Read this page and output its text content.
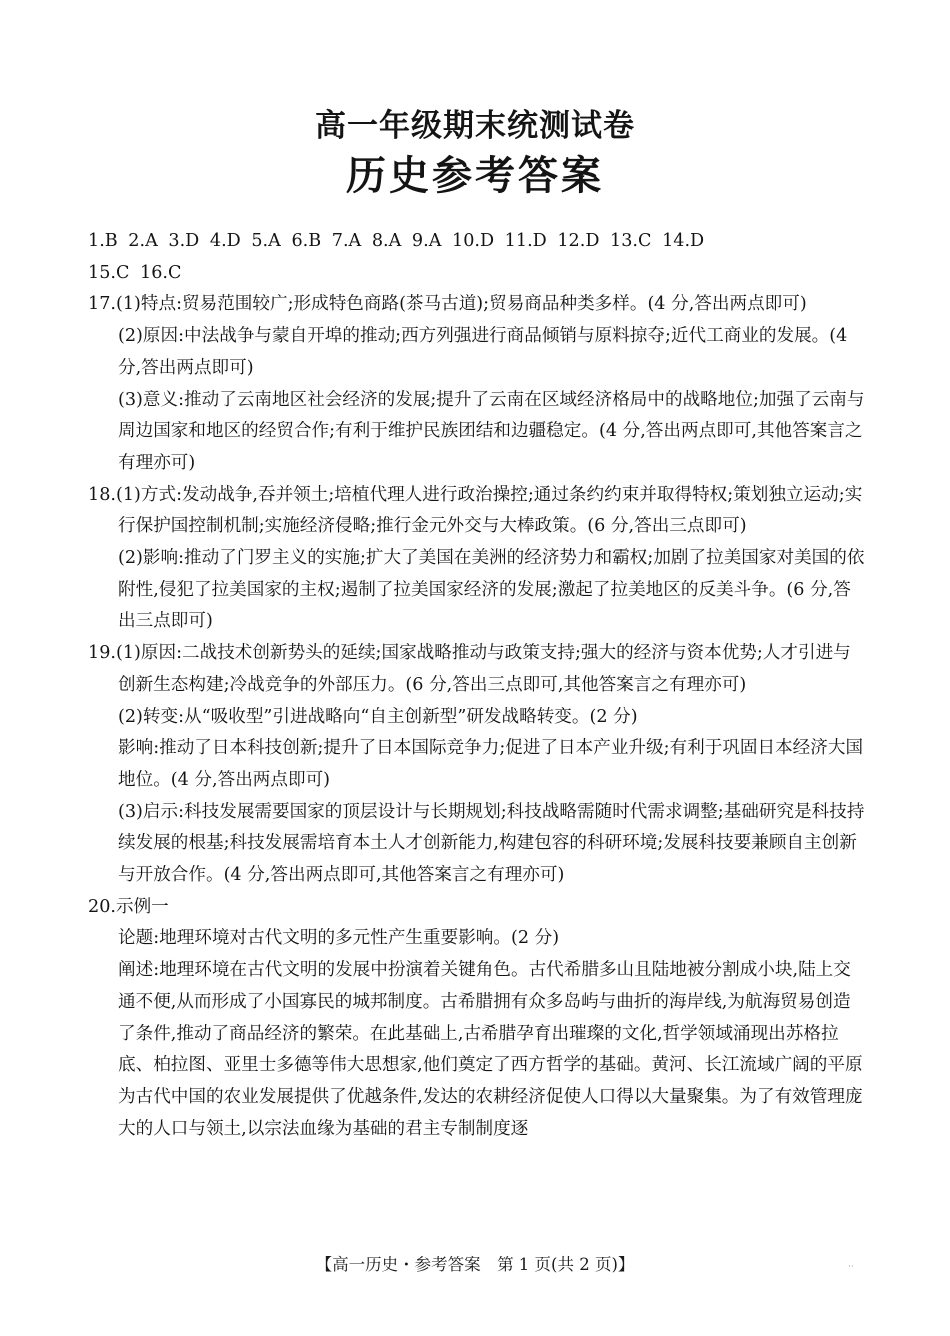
高一年级期末统测试卷
历史参考答案

1.B 2.A 3.D 4.D 5.A 6.B 7.A 8.A 9.A 10.D 11.D 12.D 13.C 14.D

15.C 16.C

17.(1)特点:贸易范围较广;形成特色商路(茶马古道);贸易商品种类多样。(4 分,答出两点即可)

(2)原因:中法战争与蒙自开埠的推动;西方列强进行商品倾销与原料掠夺;近代工商业的发展。(4 分,答出两点即可)

(3)意义:推动了云南地区社会经济的发展;提升了云南在区域经济格局中的战略地位;加强了云南与周边国家和地区的经贸合作;有利于维护民族团结和边疆稳定。(4 分,答出两点即可,其他答案言之有理亦可)

18.(1)方式:发动战争,吞并领土;培植代理人进行政治操控;通过条约约束并取得特权;策划独立运动;实行保护国控制机制;实施经济侵略;推行金元外交与大棒政策。(6 分,答出三点即可)

(2)影响:推动了门罗主义的实施;扩大了美国在美洲的经济势力和霸权;加剧了拉美国家对美国的依附性,侵犯了拉美国家的主权;遏制了拉美国家经济的发展;激起了拉美地区的反美斗争。(6 分,答出三点即可)

19.(1)原因:二战技术创新势头的延续;国家战略推动与政策支持;强大的经济与资本优势;人才引进与创新生态构建;冷战竞争的外部压力。(6 分,答出三点即可,其他答案言之有理亦可)

(2)转变:从“吸收型”引进战略向“自主创新型”研发战略转变。(2 分)

影响:推动了日本科技创新;提升了日本国际竞争力;促进了日本产业升级;有利于巩固日本经济大国地位。(4 分,答出两点即可)

(3)启示:科技发展需要国家的顶层设计与长期规划;科技战略需随时代需求调整;基础研究是科技持续发展的根基;科技发展需培育本土人才创新能力,构建包容的科研环境;发展科技要兼顾自主创新与开放合作。(4 分,答出两点即可,其他答案言之有理亦可)

20.示例一

论题:地理环境对古代文明的多元性产生重要影响。(2 分)

阐述:地理环境在古代文明的发展中扮演着关键角色。古代希腊多山且陆地被分割成小块,陆上交通不便,从而形成了小国寡民的城邦制度。古希腊拥有众多岛屿与曲折的海岸线,为航海贸易创造了条件,推动了商品经济的繁荣。在此基础上,古希腊孕育出璀璨的文化,哲学领域涌现出苏格拉底、柏拉图、亚里士多德等伟大思想家,他们奠定了西方哲学的基础。黄河、长江流域广阔的平原为古代中国的农业发展提供了优越条件,发达的农耕经济促使人口得以大量聚集。为了有效管理庞大的人口与领土,以宗法血缘为基础的君主专制制度逐

【高一历史・参考答案　第 1 页(共 2 页)】	··
